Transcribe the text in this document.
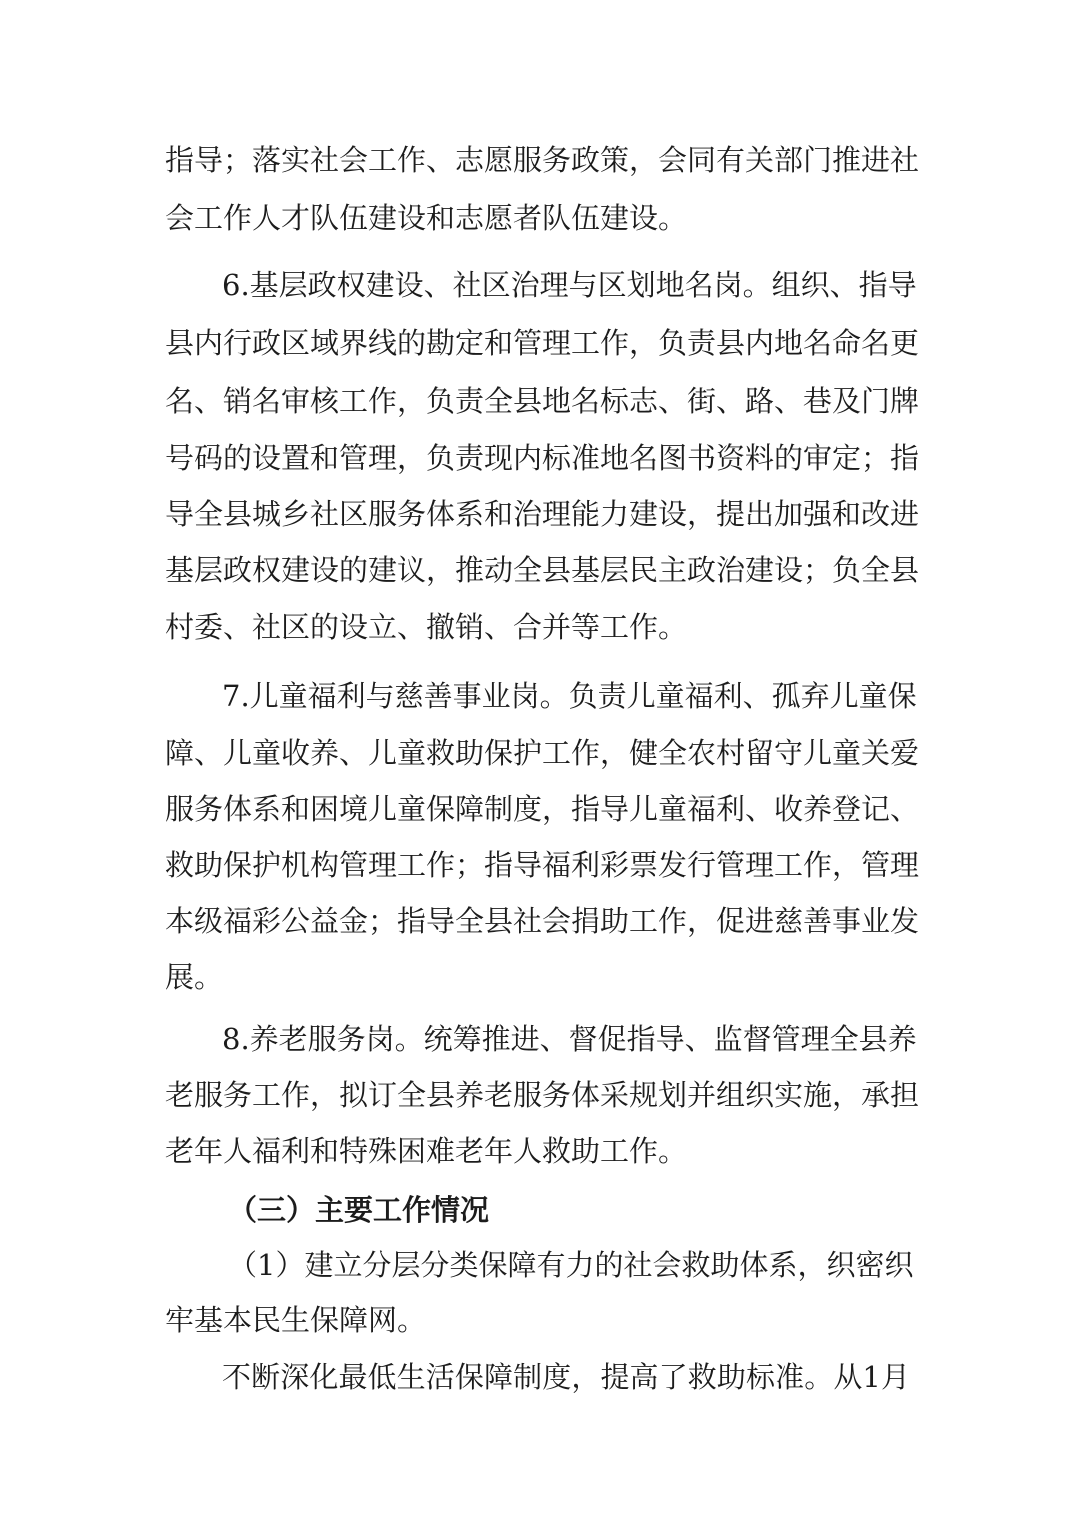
指导；落实社会工作、志愿服务政策，会同有关部门推进社
会工作人才队伍建设和志愿者队伍建设。
6.基层政权建设、社区治理与区划地名岗。组织、指导
县内行政区域界线的勘定和管理工作，负责县内地名命名更
名、销名审核工作，负责全县地名标志、街、路、巷及门牌
号码的设置和管理，负责现内标准地名图书资料的审定；指
导全县城乡社区服务体系和治理能力建设，提出加强和改进
基层政权建设的建议，推动全县基层民主政治建设；负全县
村委、社区的设立、撤销、合并等工作。
7.儿童福利与慈善事业岗。负责儿童福利、孤弃儿童保
障、儿童收养、儿童救助保护工作，健全农村留守儿童关爱
服务体系和困境儿童保障制度，指导儿童福利、收养登记、
救助保护机构管理工作；指导福利彩票发行管理工作，管理
本级福彩公益金；指导全县社会捐助工作，促进慈善事业发
展。
8.养老服务岗。统筹推进、督促指导、监督管理全县养
老服务工作，拟订全县养老服务体采规划并组织实施，承担
老年人福利和特殊困难老年人救助工作。
（三）主要工作情况
（1）建立分层分类保障有力的社会救助体系，织密织
牢基本民生保障网。
不断深化最低生活保障制度，提高了救助标准。从1月
